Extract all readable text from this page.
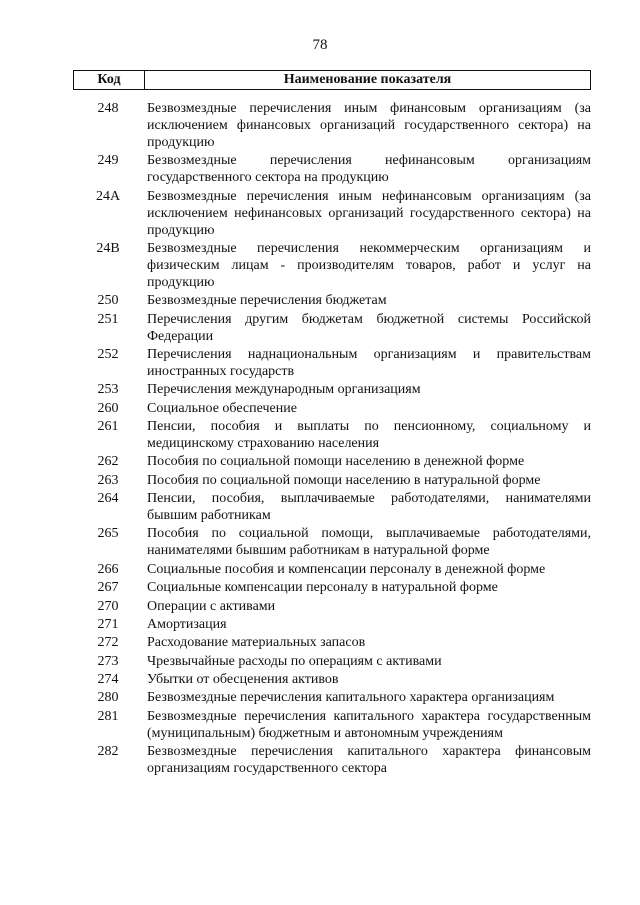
78
Код	Наименование показателя
248	Безвозмездные перечисления иным финансовым организациям (за исключением финансовых организаций государственного сектора) на продукцию
249	Безвозмездные перечисления нефинансовым организациям государственного сектора на продукцию
24А	Безвозмездные перечисления иным нефинансовым организациям (за исключением нефинансовых организаций государственного сектора) на продукцию
24В	Безвозмездные перечисления некоммерческим организациям и физическим лицам - производителям товаров, работ и услуг на продукцию
250	Безвозмездные перечисления бюджетам
251	Перечисления другим бюджетам бюджетной системы Российской Федерации
252	Перечисления наднациональным организациям и правительствам иностранных государств
253	Перечисления международным организациям
260	Социальное обеспечение
261	Пенсии, пособия и выплаты по пенсионному, социальному и медицинскому страхованию населения
262	Пособия по социальной помощи населению в денежной форме
263	Пособия по социальной помощи населению в натуральной форме
264	Пенсии, пособия, выплачиваемые работодателями, нанимателями бывшим работникам
265	Пособия по социальной помощи, выплачиваемые работодателями, нанимателями бывшим работникам в натуральной форме
266	Социальные пособия и компенсации персоналу в денежной форме
267	Социальные компенсации персоналу в натуральной форме
270	Операции с активами
271	Амортизация
272	Расходование материальных запасов
273	Чрезвычайные расходы по операциям с активами
274	Убытки от обесценения активов
280	Безвозмездные перечисления капитального характера организациям
281	Безвозмездные перечисления капитального характера государственным (муниципальным) бюджетным и автономным учреждениям
282	Безвозмездные перечисления капитального характера финансовым организациям государственного сектора
